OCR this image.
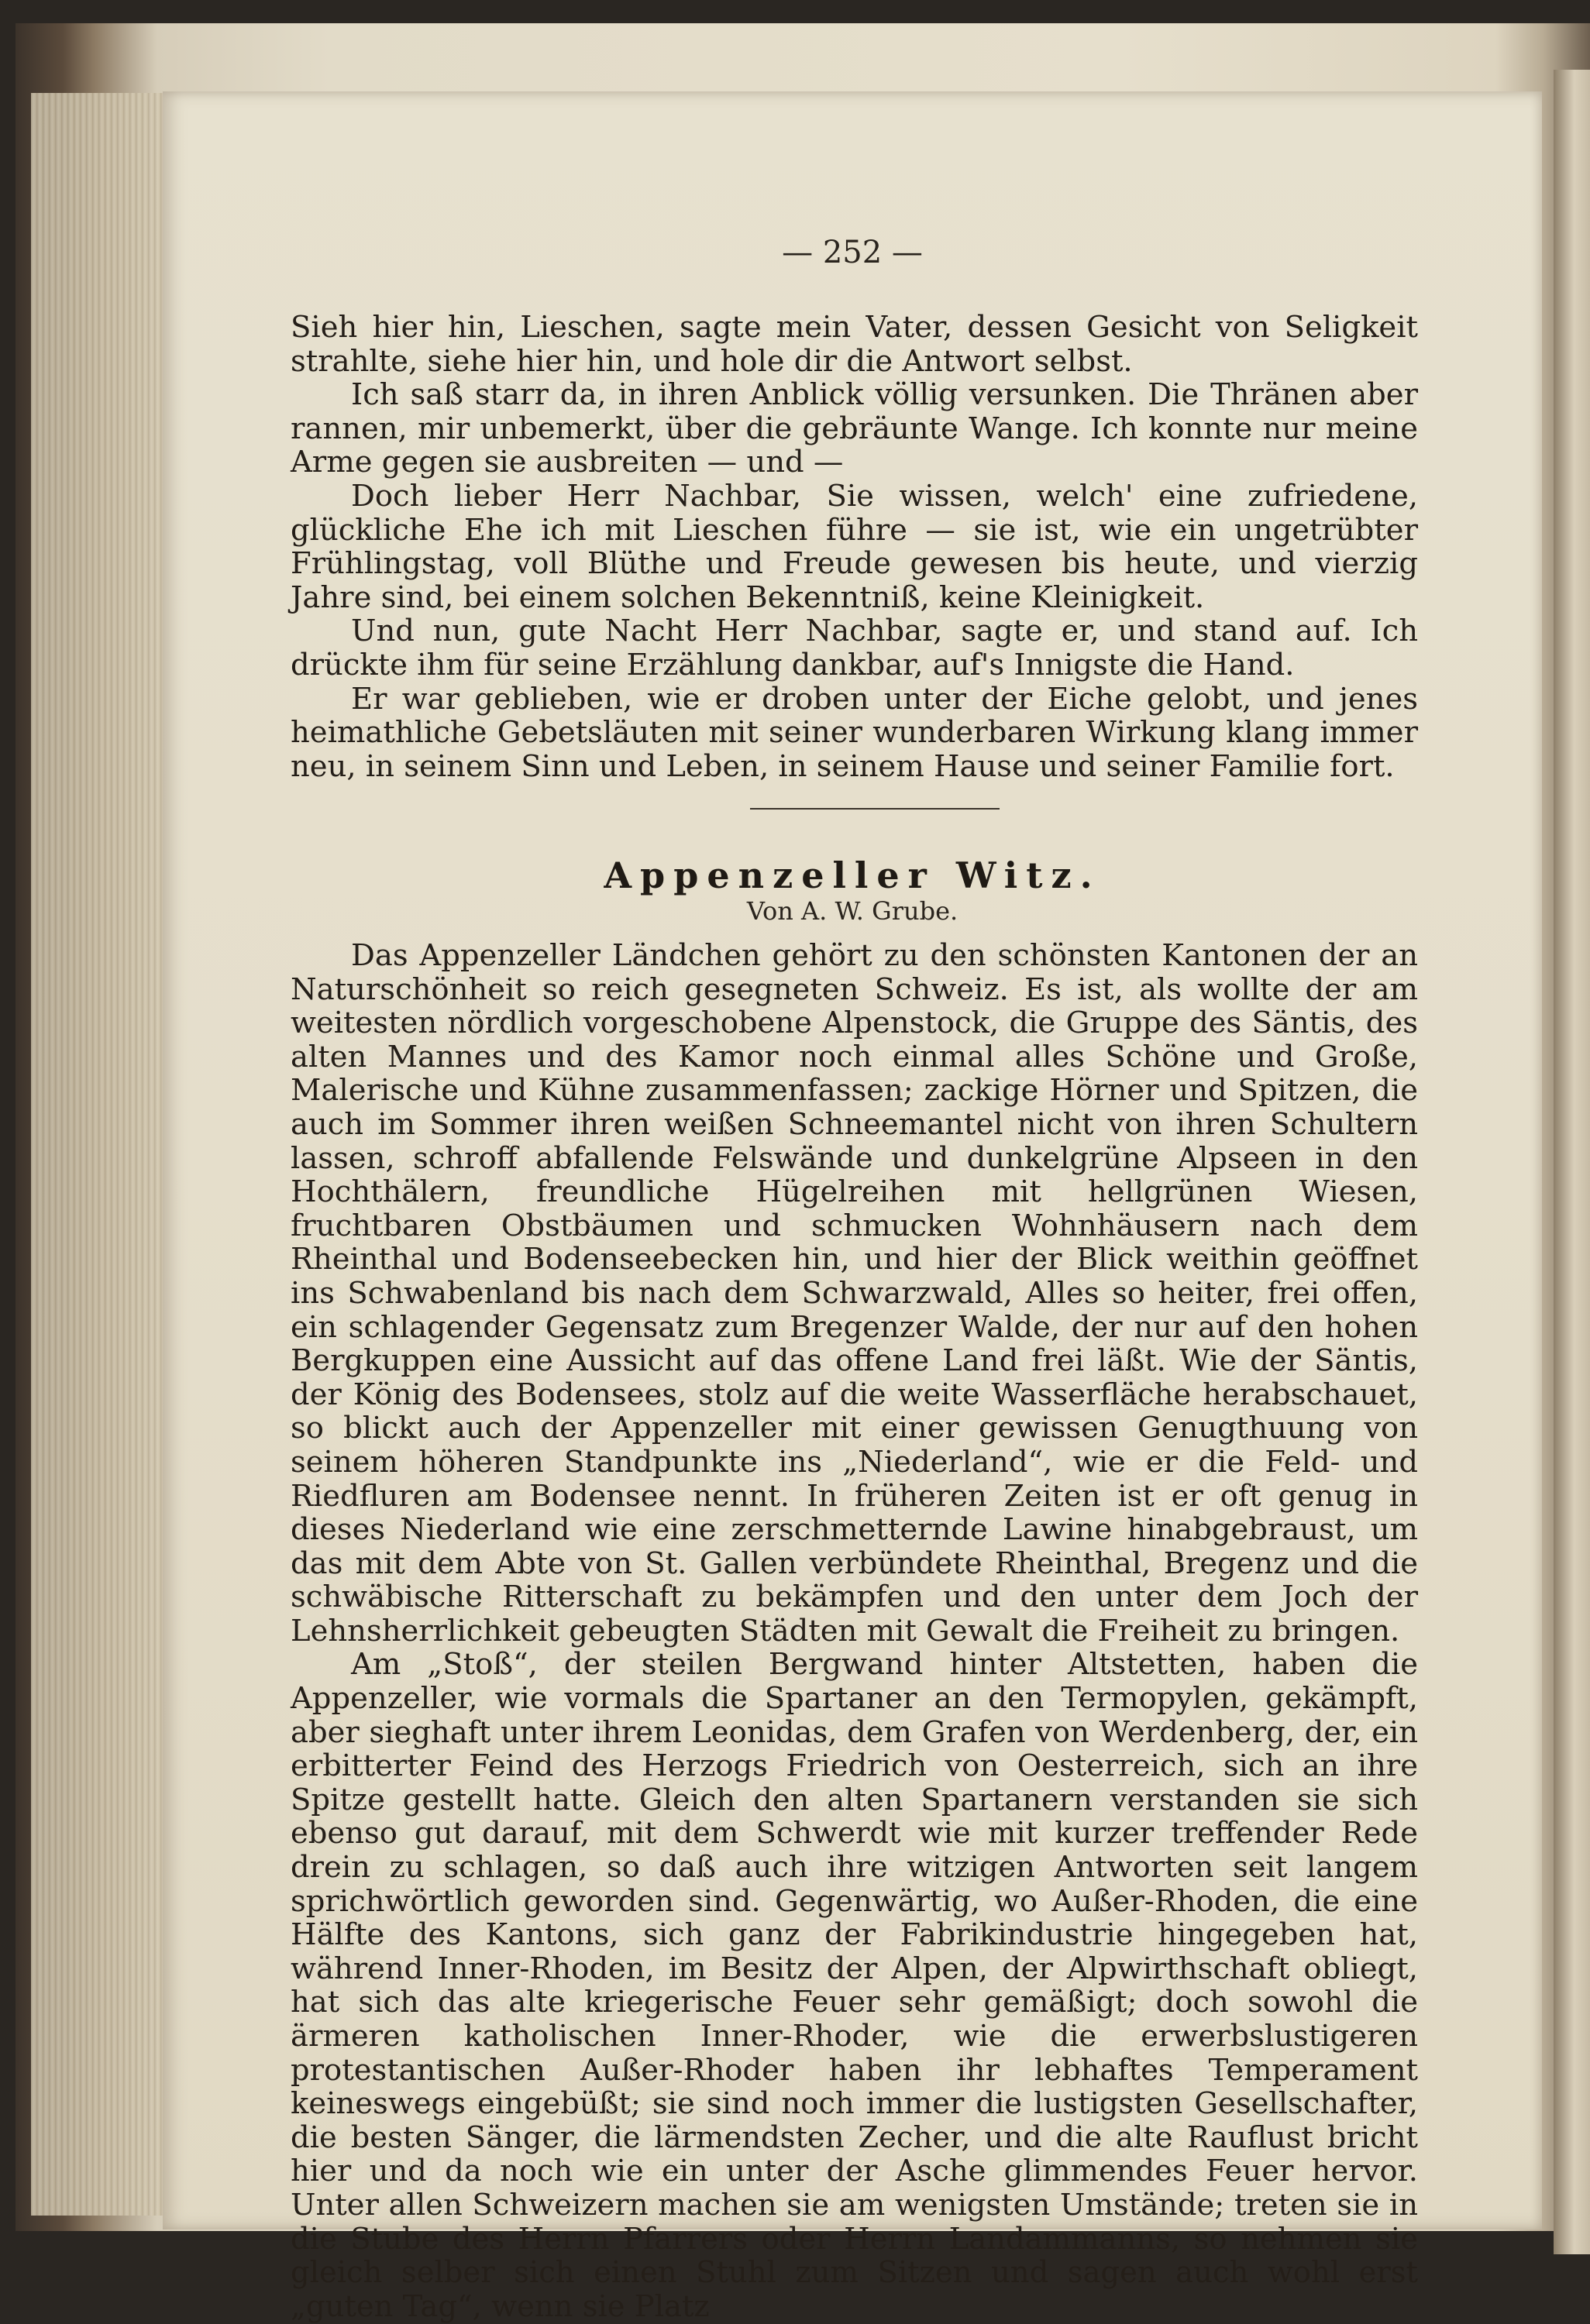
— 252 —

Sieh hier hin, Lieschen, sagte mein Vater, dessen Gesicht von Seligkeit strahlte, siehe hier hin, und hole dir die Antwort selbst.

Ich saß starr da, in ihren Anblick völlig versunken. Die Thränen aber rannen, mir unbemerkt, über die gebräunte Wange. Ich konnte nur meine Arme gegen sie ausbreiten — und —

Doch lieber Herr Nachbar, Sie wissen, welch' eine zufriedene, glückliche Ehe ich mit Lieschen führe — sie ist, wie ein ungetrübter Frühlingstag, voll Blüthe und Freude gewesen bis heute, und vierzig Jahre sind, bei einem solchen Bekenntniß, keine Kleinigkeit.

Und nun, gute Nacht Herr Nachbar, sagte er, und stand auf. Ich drückte ihm für seine Erzählung dankbar, auf's Innigste die Hand.

Er war geblieben, wie er droben unter der Eiche gelobt, und jenes heimathliche Gebetsläuten mit seiner wunderbaren Wirkung klang immer neu, in seinem Sinn und Leben, in seinem Hause und seiner Familie fort.

Appenzeller Witz.
Von A. W. Grube.

Das Appenzeller Ländchen gehört zu den schönsten Kantonen der an Naturschönheit so reich gesegneten Schweiz. Es ist, als wollte der am weitesten nördlich vorgeschobene Alpenstock, die Gruppe des Säntis, des alten Mannes und des Kamor noch einmal alles Schöne und Große, Malerische und Kühne zusammenfassen; zackige Hörner und Spitzen, die auch im Sommer ihren weißen Schneemantel nicht von ihren Schultern lassen, schroff abfallende Felswände und dunkelgrüne Alpseen in den Hochthälern, freundliche Hügelreihen mit hellgrünen Wiesen, fruchtbaren Obstbäumen und schmucken Wohnhäusern nach dem Rheinthal und Bodenseebecken hin, und hier der Blick weithin geöffnet ins Schwabenland bis nach dem Schwarzwald, Alles so heiter, frei offen, ein schlagender Gegensatz zum Bregenzer Walde, der nur auf den hohen Bergkuppen eine Aussicht auf das offene Land frei läßt. Wie der Säntis, der König des Bodensees, stolz auf die weite Wasserfläche herabschauet, so blickt auch der Appenzeller mit einer gewissen Genugthuung von seinem höheren Standpunkte ins „Niederland“, wie er die Feld- und Riedfluren am Bodensee nennt. In früheren Zeiten ist er oft genug in dieses Niederland wie eine zerschmetternde Lawine hinabgebraust, um das mit dem Abte von St. Gallen verbündete Rheinthal, Bregenz und die schwäbische Ritterschaft zu bekämpfen und den unter dem Joch der Lehnsherrlichkeit gebeugten Städten mit Gewalt die Freiheit zu bringen.

Am „Stoß“, der steilen Bergwand hinter Altstetten, haben die Appenzeller, wie vormals die Spartaner an den Termopylen, gekämpft, aber sieghaft unter ihrem Leonidas, dem Grafen von Werdenberg, der, ein erbitterter Feind des Herzogs Friedrich von Oesterreich, sich an ihre Spitze gestellt hatte. Gleich den alten Spartanern verstanden sie sich ebenso gut darauf, mit dem Schwerdt wie mit kurzer treffender Rede drein zu schlagen, so daß auch ihre witzigen Antworten seit langem sprichwörtlich geworden sind. Gegenwärtig, wo Außer-Rhoden, die eine Hälfte des Kantons, sich ganz der Fabrikindustrie hingegeben hat, während Inner-Rhoden, im Besitz der Alpen, der Alpwirthschaft obliegt, hat sich das alte kriegerische Feuer sehr gemäßigt; doch sowohl die ärmeren katholischen Inner-Rhoder, wie die erwerbslustigeren protestantischen Außer-Rhoder haben ihr lebhaftes Temperament keineswegs eingebüßt; sie sind noch immer die lustigsten Gesellschafter, die besten Sänger, die lärmendsten Zecher, und die alte Rauflust bricht hier und da noch wie ein unter der Asche glimmendes Feuer hervor. Unter allen Schweizern machen sie am wenigsten Umstände; treten sie in die Stube des Herrn Pfarrers oder Herrn Landammanns, so nehmen sie gleich selber sich einen Stuhl zum Sitzen und sagen auch wohl erst „guten Tag“, wenn sie Platz
